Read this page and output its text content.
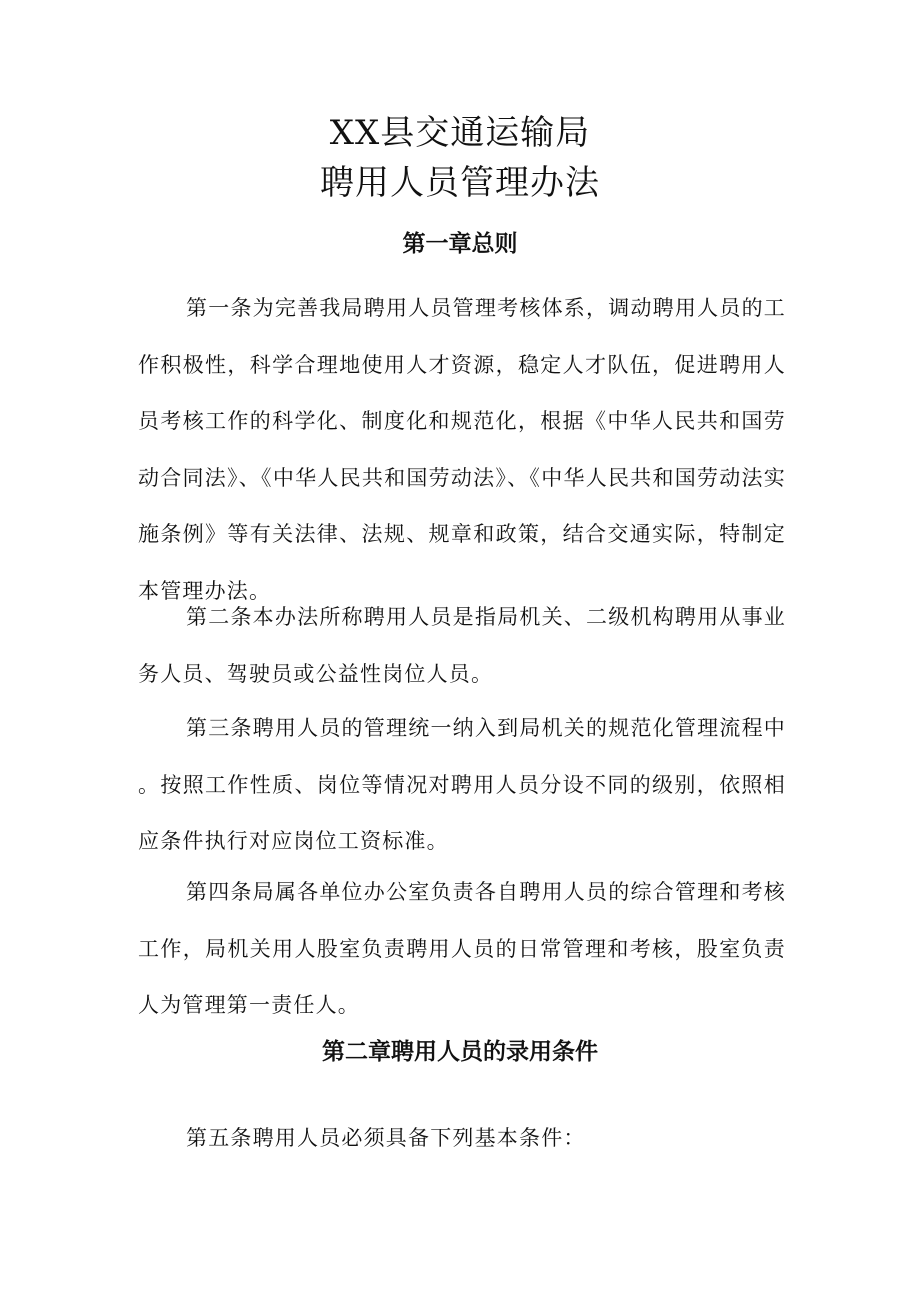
XX县交通运输局
聘用人员管理办法
第一章总则

第一条为完善我局聘用人员管理考核体系，调动聘用人员的工作积极性，科学合理地使用人才资源，稳定人才队伍，促进聘用人员考核工作的科学化、制度化和规范化，根据《中华人民共和国劳动合同法》、《中华人民共和国劳动法》、《中华人民共和国劳动法实施条例》等有关法律、法规、规章和政策，结合交通实际，特制定本管理办法。

第二条本办法所称聘用人员是指局机关、二级机构聘用从事业务人员、驾驶员或公益性岗位人员。

第三条聘用人员的管理统一纳入到局机关的规范化管理流程中。按照工作性质、岗位等情况对聘用人员分设不同的级别，依照相应条件执行对应岗位工资标准。

第四条局属各单位办公室负责各自聘用人员的综合管理和考核工作，局机关用人股室负责聘用人员的日常管理和考核，股室负责人为管理第一责任人。

第二章聘用人员的录用条件

第五条聘用人员必须具备下列基本条件：
